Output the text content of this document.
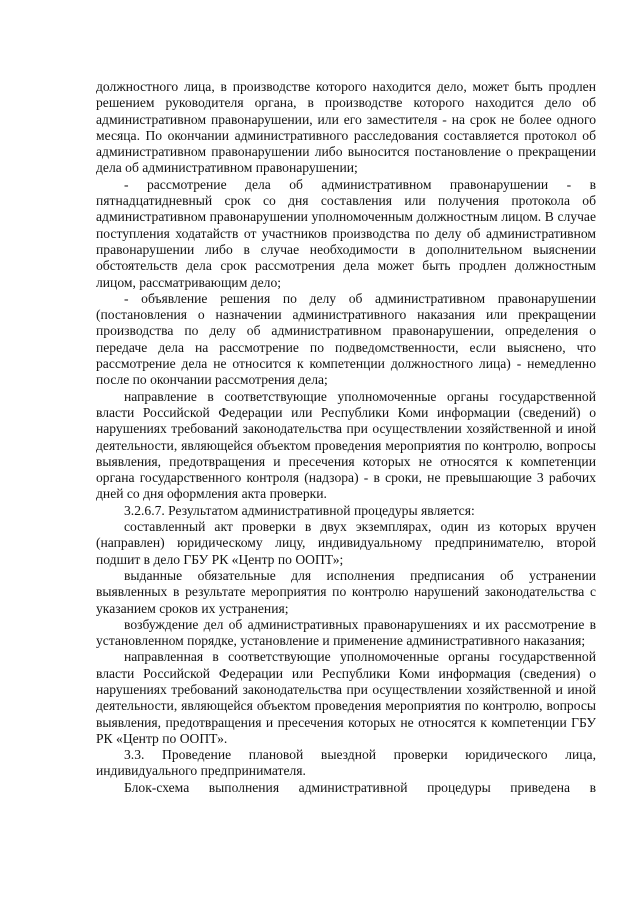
должностного лица, в производстве которого находится дело, может быть продлен решением руководителя органа, в производстве которого находится дело об административном правонарушении, или его заместителя - на срок не более одного месяца. По окончании административного расследования составляется протокол об административном правонарушении либо выносится постановление о прекращении дела об административном правонарушении;

- рассмотрение дела об административном правонарушении - в пятнадцатидневный срок со дня составления или получения протокола об административном правонарушении уполномоченным должностным лицом. В случае поступления ходатайств от участников производства по делу об административном правонарушении либо в случае необходимости в дополнительном выяснении обстоятельств дела срок рассмотрения дела может быть продлен должностным лицом, рассматривающим дело;

- объявление решения по делу об административном правонарушении (постановления о назначении административного наказания или прекращении производства по делу об административном правонарушении, определения о передаче дела на рассмотрение по подведомственности, если выяснено, что рассмотрение дела не относится к компетенции должностного лица) - немедленно после по окончании рассмотрения дела;

направление в соответствующие уполномоченные органы государственной власти Российской Федерации или Республики Коми информации (сведений) о нарушениях требований законодательства при осуществлении хозяйственной и иной деятельности, являющейся объектом проведения мероприятия по контролю, вопросы выявления, предотвращения и пресечения которых не относятся к компетенции органа государственного контроля (надзора) - в сроки, не превышающие 3 рабочих дней со дня оформления акта проверки.

3.2.6.7. Результатом административной процедуры является:

составленный акт проверки в двух экземплярах, один из которых вручен (направлен) юридическому лицу, индивидуальному предпринимателю, второй подшит в дело ГБУ РК «Центр по ООПТ»;

выданные обязательные для исполнения предписания об устранении выявленных в результате мероприятия по контролю нарушений законодательства с указанием сроков их устранения;

возбуждение дел об административных правонарушениях и их рассмотрение в установленном порядке, установление и применение административного наказания;

направленная в соответствующие уполномоченные органы государственной власти Российской Федерации или Республики Коми информация (сведения) о нарушениях требований законодательства при осуществлении хозяйственной и иной деятельности, являющейся объектом проведения мероприятия по контролю, вопросы выявления, предотвращения и пресечения которых не относятся к компетенции ГБУ РК «Центр по ООПТ».

3.3. Проведение плановой выездной проверки юридического лица, индивидуального предпринимателя.

Блок-схема выполнения административной процедуры приведена в
